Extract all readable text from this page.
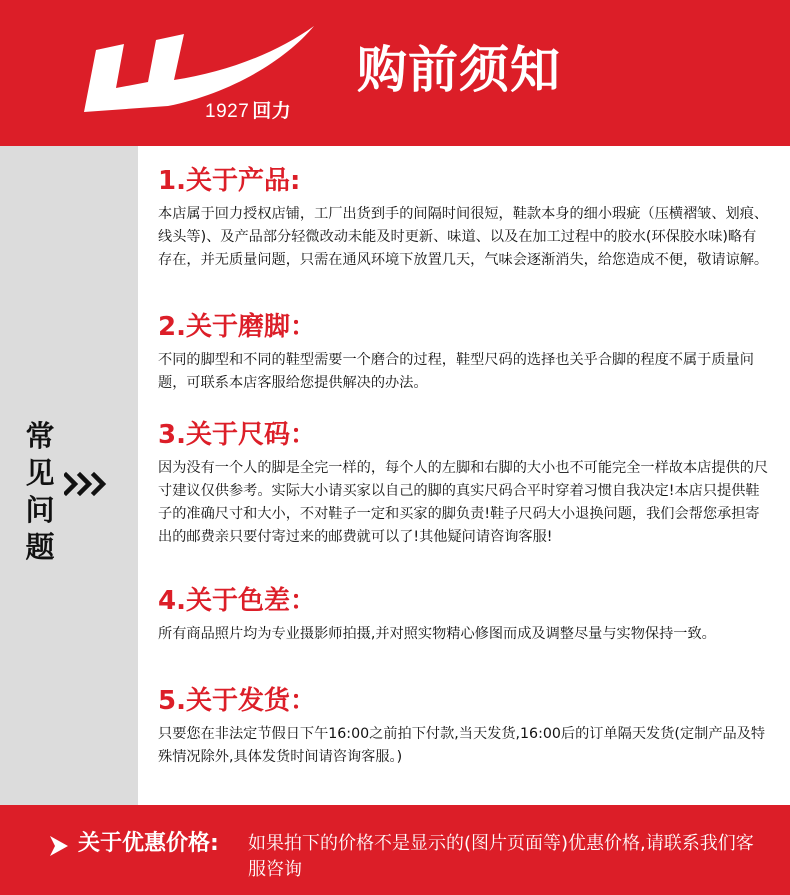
1927 回力
购前须知
常见问题
1.关于产品:
本店属于回力授权店铺，工厂出货到手的间隔时间很短，鞋款本身的细小瑕疵（压横褶皱、划痕、线头等)、及产品部分轻微改动未能及时更新、味道、以及在加工过程中的胶水(环保胶水味)略有存在，并无质量问题，只需在通风环境下放置几天，气味会逐渐消失，给您造成不便，敬请谅解。
2.关于磨脚：
不同的脚型和不同的鞋型需要一个磨合的过程，鞋型尺码的选择也关乎合脚的程度不属于质量问题，可联系本店客服给您提供解决的办法。
3.关于尺码：
因为没有一个人的脚是全完一样的，每个人的左脚和右脚的大小也不可能完全一样故本店提供的尺寸建议仅供参考。实际大小请买家以自己的脚的真实尺码合平时穿着习惯自我决定!本店只提供鞋子的准确尺寸和大小，不对鞋子一定和买家的脚负责!鞋子尺码大小退换问题，我们会帮您承担寄出的邮费亲只要付寄过来的邮费就可以了!其他疑问请咨询客服!
4.关于色差：
所有商品照片均为专业摄影师拍摄,并对照实物精心修图而成及调整尽量与实物保持一致。
5.关于发货：
只要您在非法定节假日下午16:00之前拍下付款,当天发货,16:00后的订单隔天发货(定制产品及特殊情况除外,具体发货时间请咨询客服。)
关于优惠价格: 如果拍下的价格不是显示的(图片页面等)优惠价格,请联系我们客服咨询
